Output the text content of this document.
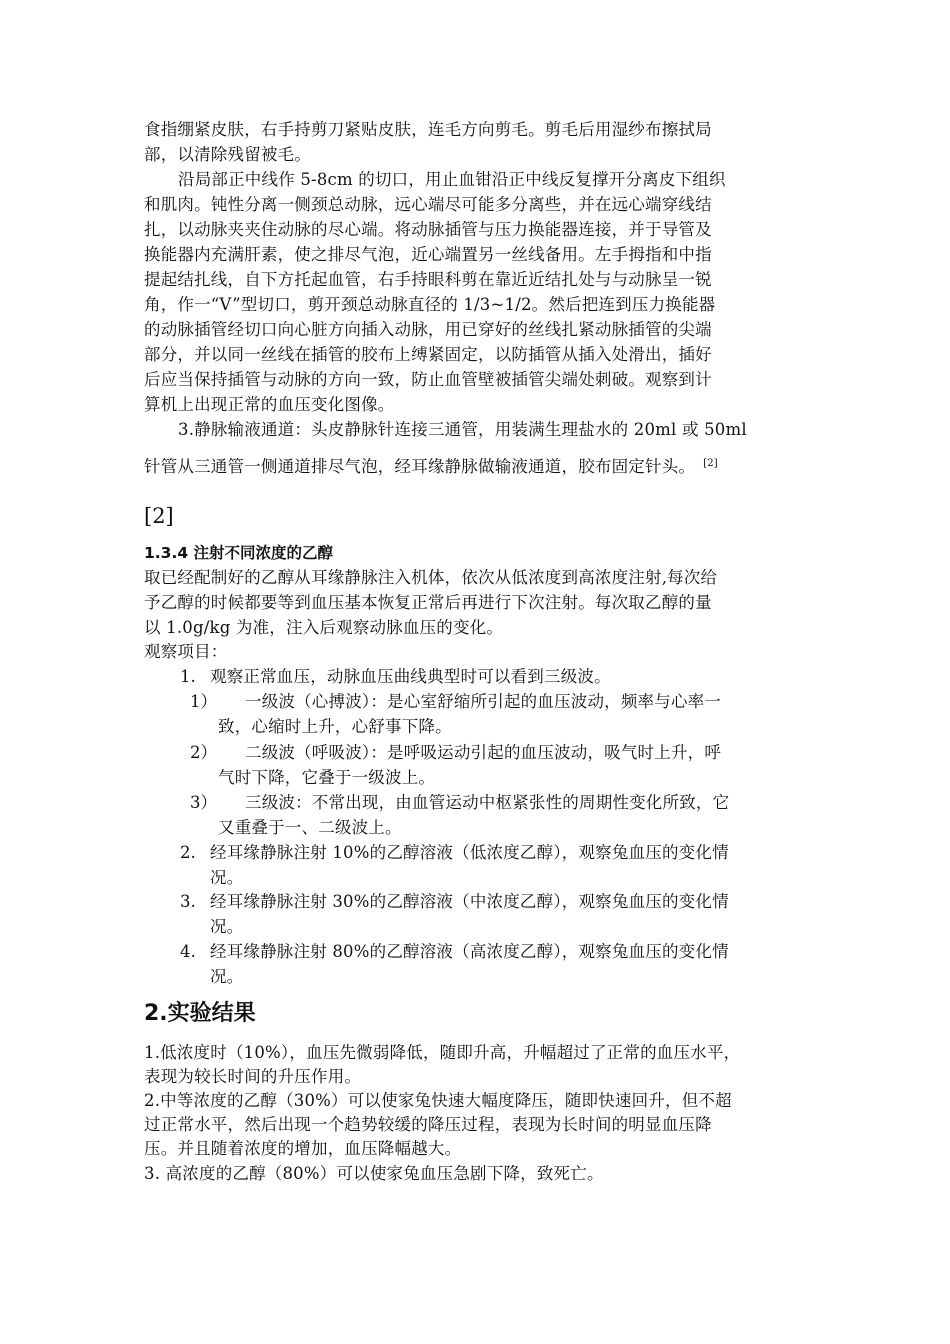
食指绷紧皮肤，右手持剪刀紧贴皮肤，连毛方向剪毛。剪毛后用湿纱布擦拭局
部，以清除残留被毛。
沿局部正中线作 5-8cm 的切口，用止血钳沿正中线反复撑开分离皮下组织
和肌肉。钝性分离一侧颈总动脉，远心端尽可能多分离些，并在远心端穿线结
扎，以动脉夹夹住动脉的尽心端。将动脉插管与压力换能器连接，并于导管及
换能器内充满肝素，使之排尽气泡，近心端置另一丝线备用。左手拇指和中指
提起结扎线，自下方托起血管，右手持眼科剪在靠近近结扎处与与动脉呈一锐
角，作一“V”型切口，剪开颈总动脉直径的 1/3~1/2。然后把连到压力换能器
的动脉插管经切口向心脏方向插入动脉，用已穿好的丝线扎紧动脉插管的尖端
部分，并以同一丝线在插管的胶布上缚紧固定，以防插管从插入处滑出，插好
后应当保持插管与动脉的方向一致，防止血管壁被插管尖端处刺破。观察到计
算机上出现正常的血压变化图像。
3.静脉输液通道：头皮静脉针连接三通管，用装满生理盐水的 20ml 或 50ml
针管从三通管一侧通道排尽气泡，经耳缘静脉做输液通道，胶布固定针头。 [2]
[2]
1.3.4 注射不同浓度的乙醇
取已经配制好的乙醇从耳缘静脉注入机体，依次从低浓度到高浓度注射,每次给
予乙醇的时候都要等到血压基本恢复正常后再进行下次注射。每次取乙醇的量
以 1.0g/kg 为准，注入后观察动脉血压的变化。
观察项目：
1. 观察正常血压，动脉血压曲线典型时可以看到三级波。
1） 一级波（心搏波）：是心室舒缩所引起的血压波动，频率与心率一
致，心缩时上升，心舒事下降。
2） 二级波（呼吸波）：是呼吸运动引起的血压波动，吸气时上升，呼
气时下降，它叠于一级波上。
3） 三级波：不常出现，由血管运动中枢紧张性的周期性变化所致，它
又重叠于一、二级波上。
2. 经耳缘静脉注射 10%的乙醇溶液（低浓度乙醇），观察兔血压的变化情
况。
3. 经耳缘静脉注射 30%的乙醇溶液（中浓度乙醇），观察兔血压的变化情
况。
4. 经耳缘静脉注射 80%的乙醇溶液（高浓度乙醇），观察兔血压的变化情
况。
2.实验结果
1.低浓度时（10%），血压先微弱降低，随即升高，升幅超过了正常的血压水平，
表现为较长时间的升压作用。
2.中等浓度的乙醇（30%）可以使家兔快速大幅度降压，随即快速回升，但不超
过正常水平，然后出现一个趋势较缓的降压过程，表现为长时间的明显血压降
压。并且随着浓度的增加，血压降幅越大。
3. 高浓度的乙醇（80%）可以使家兔血压急剧下降，致死亡。
